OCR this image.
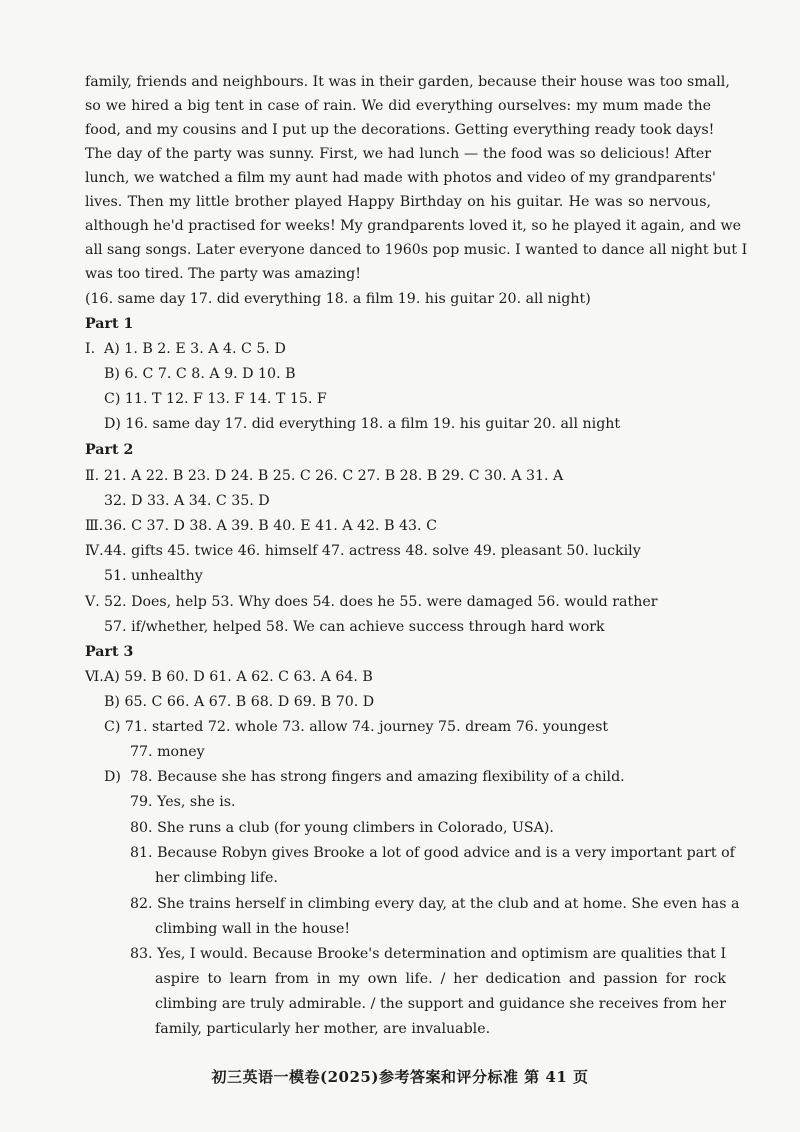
family, friends and neighbours. It was in their garden, because their house was too small,
so we hired a big tent in case of rain. We did everything ourselves: my mum made the
food, and my cousins and I put up the decorations. Getting everything ready took days!
The day of the party was sunny. First, we had lunch — the food was so delicious! After
lunch, we watched a film my aunt had made with photos and video of my grandparents'
lives. Then my little brother played Happy Birthday on his guitar. He was so nervous,
although he'd practised for weeks! My grandparents loved it, so he played it again, and we
all sang songs. Later everyone danced to 1960s pop music. I wanted to dance all night but I
was too tired. The party was amazing!
(16. same day 17. did everything 18. a film 19. his guitar 20. all night)
Part 1
Ⅰ. A) 1. B 2. E 3. A 4. C 5. D
B) 6. C 7. C 8. A 9. D 10. B
C) 11. T 12. F 13. F 14. T 15. F
D) 16. same day 17. did everything 18. a film 19. his guitar 20. all night
Part 2
Ⅱ. 21. A 22. B 23. D 24. B 25. C 26. C 27. B 28. B 29. C 30. A 31. A
32. D 33. A 34. C 35. D
Ⅲ. 36. C 37. D 38. A 39. B 40. E 41. A 42. B 43. C
Ⅳ. 44. gifts 45. twice 46. himself 47. actress 48. solve 49. pleasant 50. luckily
51. unhealthy
Ⅴ. 52. Does, help 53. Why does 54. does he 55. were damaged 56. would rather
57. if/whether, helped 58. We can achieve success through hard work
Part 3
Ⅵ. A) 59. B 60. D 61. A 62. C 63. A 64. B
B) 65. C 66. A 67. B 68. D 69. B 70. D
C) 71. started 72. whole 73. allow 74. journey 75. dream 76. youngest
77. money
D) 78. Because she has strong fingers and amazing flexibility of a child.
79. Yes, she is.
80. She runs a club (for young climbers in Colorado, USA).
81. Because Robyn gives Brooke a lot of good advice and is a very important part of
her climbing life.
82. She trains herself in climbing every day, at the club and at home. She even has a
climbing wall in the house!
83. Yes, I would. Because Brooke's determination and optimism are qualities that I
aspire to learn from in my own life. / her dedication and passion for rock
climbing are truly admirable. / the support and guidance she receives from her
family, particularly her mother, are invaluable.
初三英语一模卷(2025)参考答案和评分标准 第 41 页
